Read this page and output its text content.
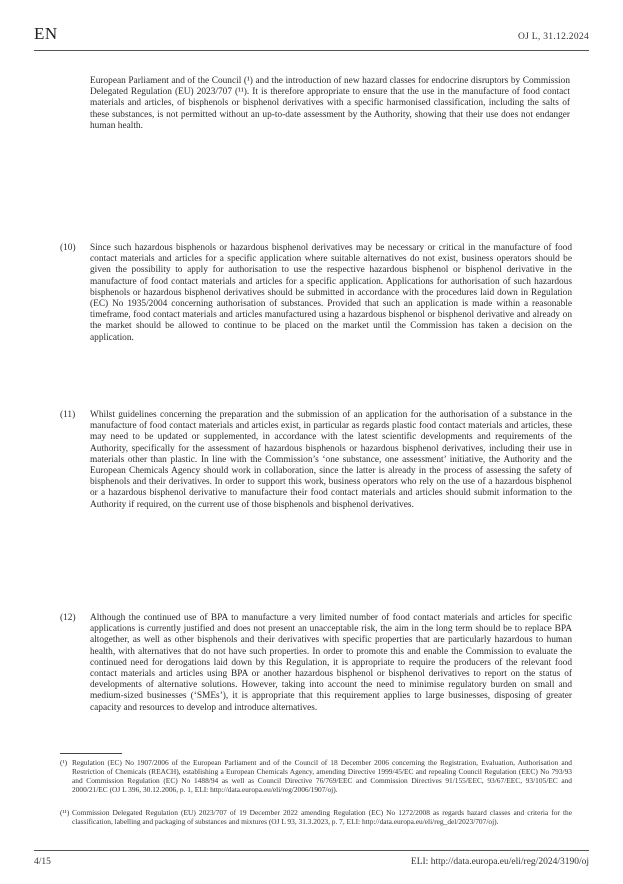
EN	OJ L, 31.12.2024
European Parliament and of the Council (¹) and the introduction of new hazard classes for endocrine disruptors by Commission Delegated Regulation (EU) 2023/707 (¹¹). It is therefore appropriate to ensure that the use in the manufacture of food contact materials and articles, of bisphenols or bisphenol derivatives with a specific harmonised classification, including the salts of these substances, is not permitted without an up-to-date assessment by the Authority, showing that their use does not endanger human health.
(10) Since such hazardous bisphenols or hazardous bisphenol derivatives may be necessary or critical in the manufacture of food contact materials and articles for a specific application where suitable alternatives do not exist, business operators should be given the possibility to apply for authorisation to use the respective hazardous bisphenol or bisphenol derivative in the manufacture of food contact materials and articles for a specific application. Applications for authorisation of such hazardous bisphenols or hazardous bisphenol derivatives should be submitted in accordance with the procedures laid down in Regulation (EC) No 1935/2004 concerning authorisation of substances. Provided that such an application is made within a reasonable timeframe, food contact materials and articles manufactured using a hazardous bisphenol or bisphenol derivative and already on the market should be allowed to continue to be placed on the market until the Commission has taken a decision on the application.
(11) Whilst guidelines concerning the preparation and the submission of an application for the authorisation of a substance in the manufacture of food contact materials and articles exist, in particular as regards plastic food contact materials and articles, these may need to be updated or supplemented, in accordance with the latest scientific developments and requirements of the Authority, specifically for the assessment of hazardous bisphenols or hazardous bisphenol derivatives, including their use in materials other than plastic. In line with the Commission’s ‘one substance, one assessment’ initiative, the Authority and the European Chemicals Agency should work in collaboration, since the latter is already in the process of assessing the safety of bisphenols and their derivatives. In order to support this work, business operators who rely on the use of a hazardous bisphenol or a hazardous bisphenol derivative to manufacture their food contact materials and articles should submit information to the Authority if required, on the current use of those bisphenols and bisphenol derivatives.
(12) Although the continued use of BPA to manufacture a very limited number of food contact materials and articles for specific applications is currently justified and does not present an unacceptable risk, the aim in the long term should be to replace BPA altogether, as well as other bisphenols and their derivatives with specific properties that are particularly hazardous to human health, with alternatives that do not have such properties. In order to promote this and enable the Commission to evaluate the continued need for derogations laid down by this Regulation, it is appropriate to require the producers of the relevant food contact materials and articles using BPA or another hazardous bisphenol or bisphenol derivatives to report on the status of developments of alternative solutions. However, taking into account the need to minimise regulatory burden on small and medium-sized businesses (‘SMEs’), it is appropriate that this requirement applies to large businesses, disposing of greater capacity and resources to develop and introduce alternatives.
(¹) Regulation (EC) No 1907/2006 of the European Parliament and of the Council of 18 December 2006 concerning the Registration, Evaluation, Authorisation and Restriction of Chemicals (REACH), establishing a European Chemicals Agency, amending Directive 1999/45/EC and repealing Council Regulation (EEC) No 793/93 and Commission Regulation (EC) No 1488/94 as well as Council Directive 76/769/EEC and Commission Directives 91/155/EEC, 93/67/EEC, 93/105/EC and 2000/21/EC (OJ L 396, 30.12.2006, p. 1, ELI: http://data.europa.eu/eli/reg/2006/1907/oj).
(¹¹) Commission Delegated Regulation (EU) 2023/707 of 19 December 2022 amending Regulation (EC) No 1272/2008 as regards hazard classes and criteria for the classification, labelling and packaging of substances and mixtures (OJ L 93, 31.3.2023, p. 7, ELI: http://data.europa.eu/eli/reg_del/2023/707/oj).
4/15	ELI: http://data.europa.eu/eli/reg/2024/3190/oj
